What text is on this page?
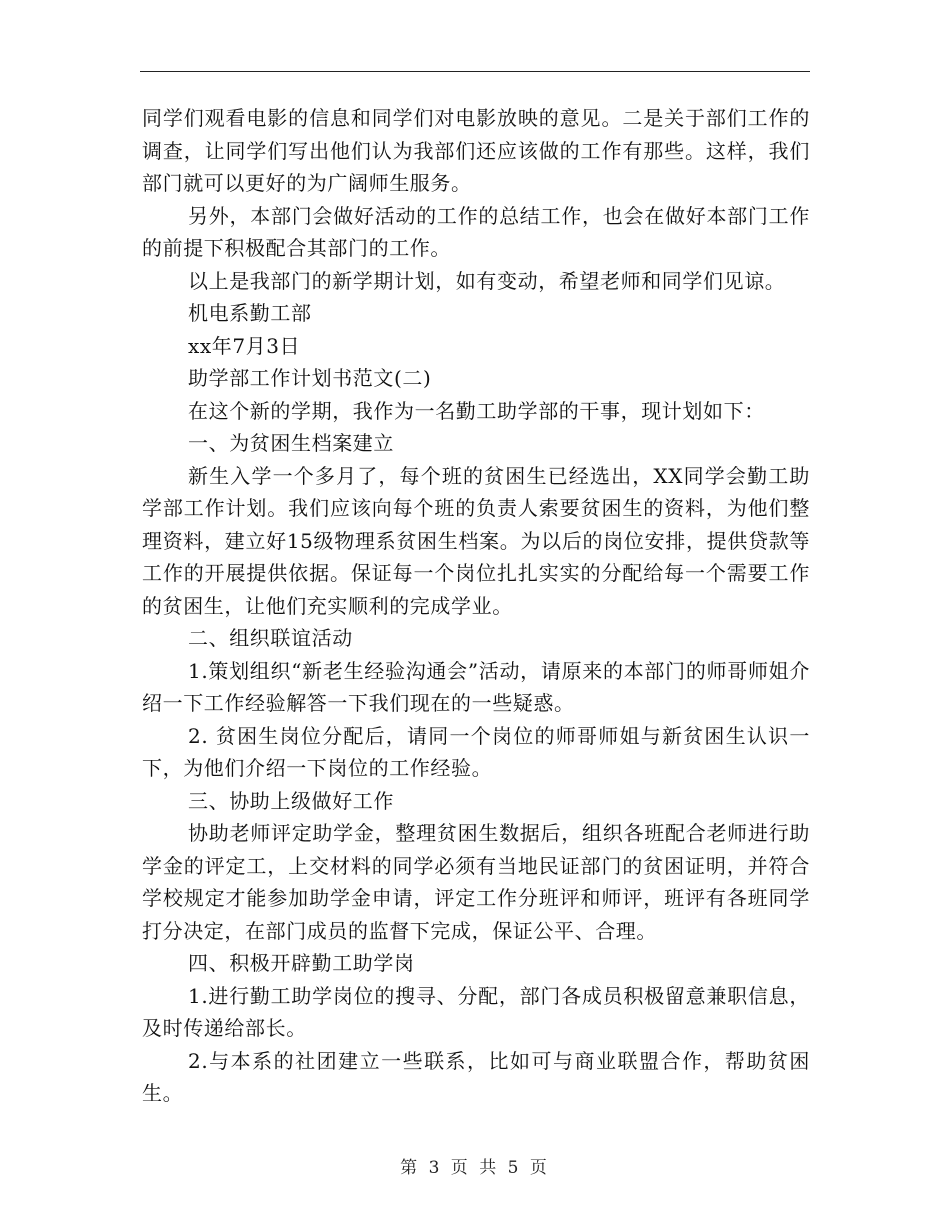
同学们观看电影的信息和同学们对电影放映的意见。二是关于部们工作的调查，让同学们写出他们认为我部们还应该做的工作有那些。这样，我们部门就可以更好的为广阔师生服务。

另外，本部门会做好活动的工作的总结工作，也会在做好本部门工作的前提下积极配合其部门的工作。

以上是我部门的新学期计划，如有变动，希望老师和同学们见谅。

机电系勤工部

xx年7月3日

助学部工作计划书范文(二)

在这个新的学期，我作为一名勤工助学部的干事，现计划如下：

一、为贫困生档案建立

新生入学一个多月了，每个班的贫困生已经选出，XX同学会勤工助学部工作计划。我们应该向每个班的负责人索要贫困生的资料，为他们整理资料，建立好15级物理系贫困生档案。为以后的岗位安排，提供贷款等工作的开展提供依据。保证每一个岗位扎扎实实的分配给每一个需要工作的贫困生，让他们充实顺利的完成学业。

二、组织联谊活动

1.策划组织“新老生经验沟通会”活动，请原来的本部门的师哥师姐介绍一下工作经验解答一下我们现在的一些疑惑。

2. 贫困生岗位分配后，请同一个岗位的师哥师姐与新贫困生认识一下，为他们介绍一下岗位的工作经验。

三、协助上级做好工作

协助老师评定助学金，整理贫困生数据后，组织各班配合老师进行助学金的评定工，上交材料的同学必须有当地民证部门的贫困证明，并符合学校规定才能参加助学金申请，评定工作分班评和师评，班评有各班同学打分决定，在部门成员的监督下完成，保证公平、合理。

四、积极开辟勤工助学岗

1.进行勤工助学岗位的搜寻、分配，部门各成员积极留意兼职信息，及时传递给部长。

2.与本系的社团建立一些联系，比如可与商业联盟合作，帮助贫困生。

第 3 页 共 5 页
